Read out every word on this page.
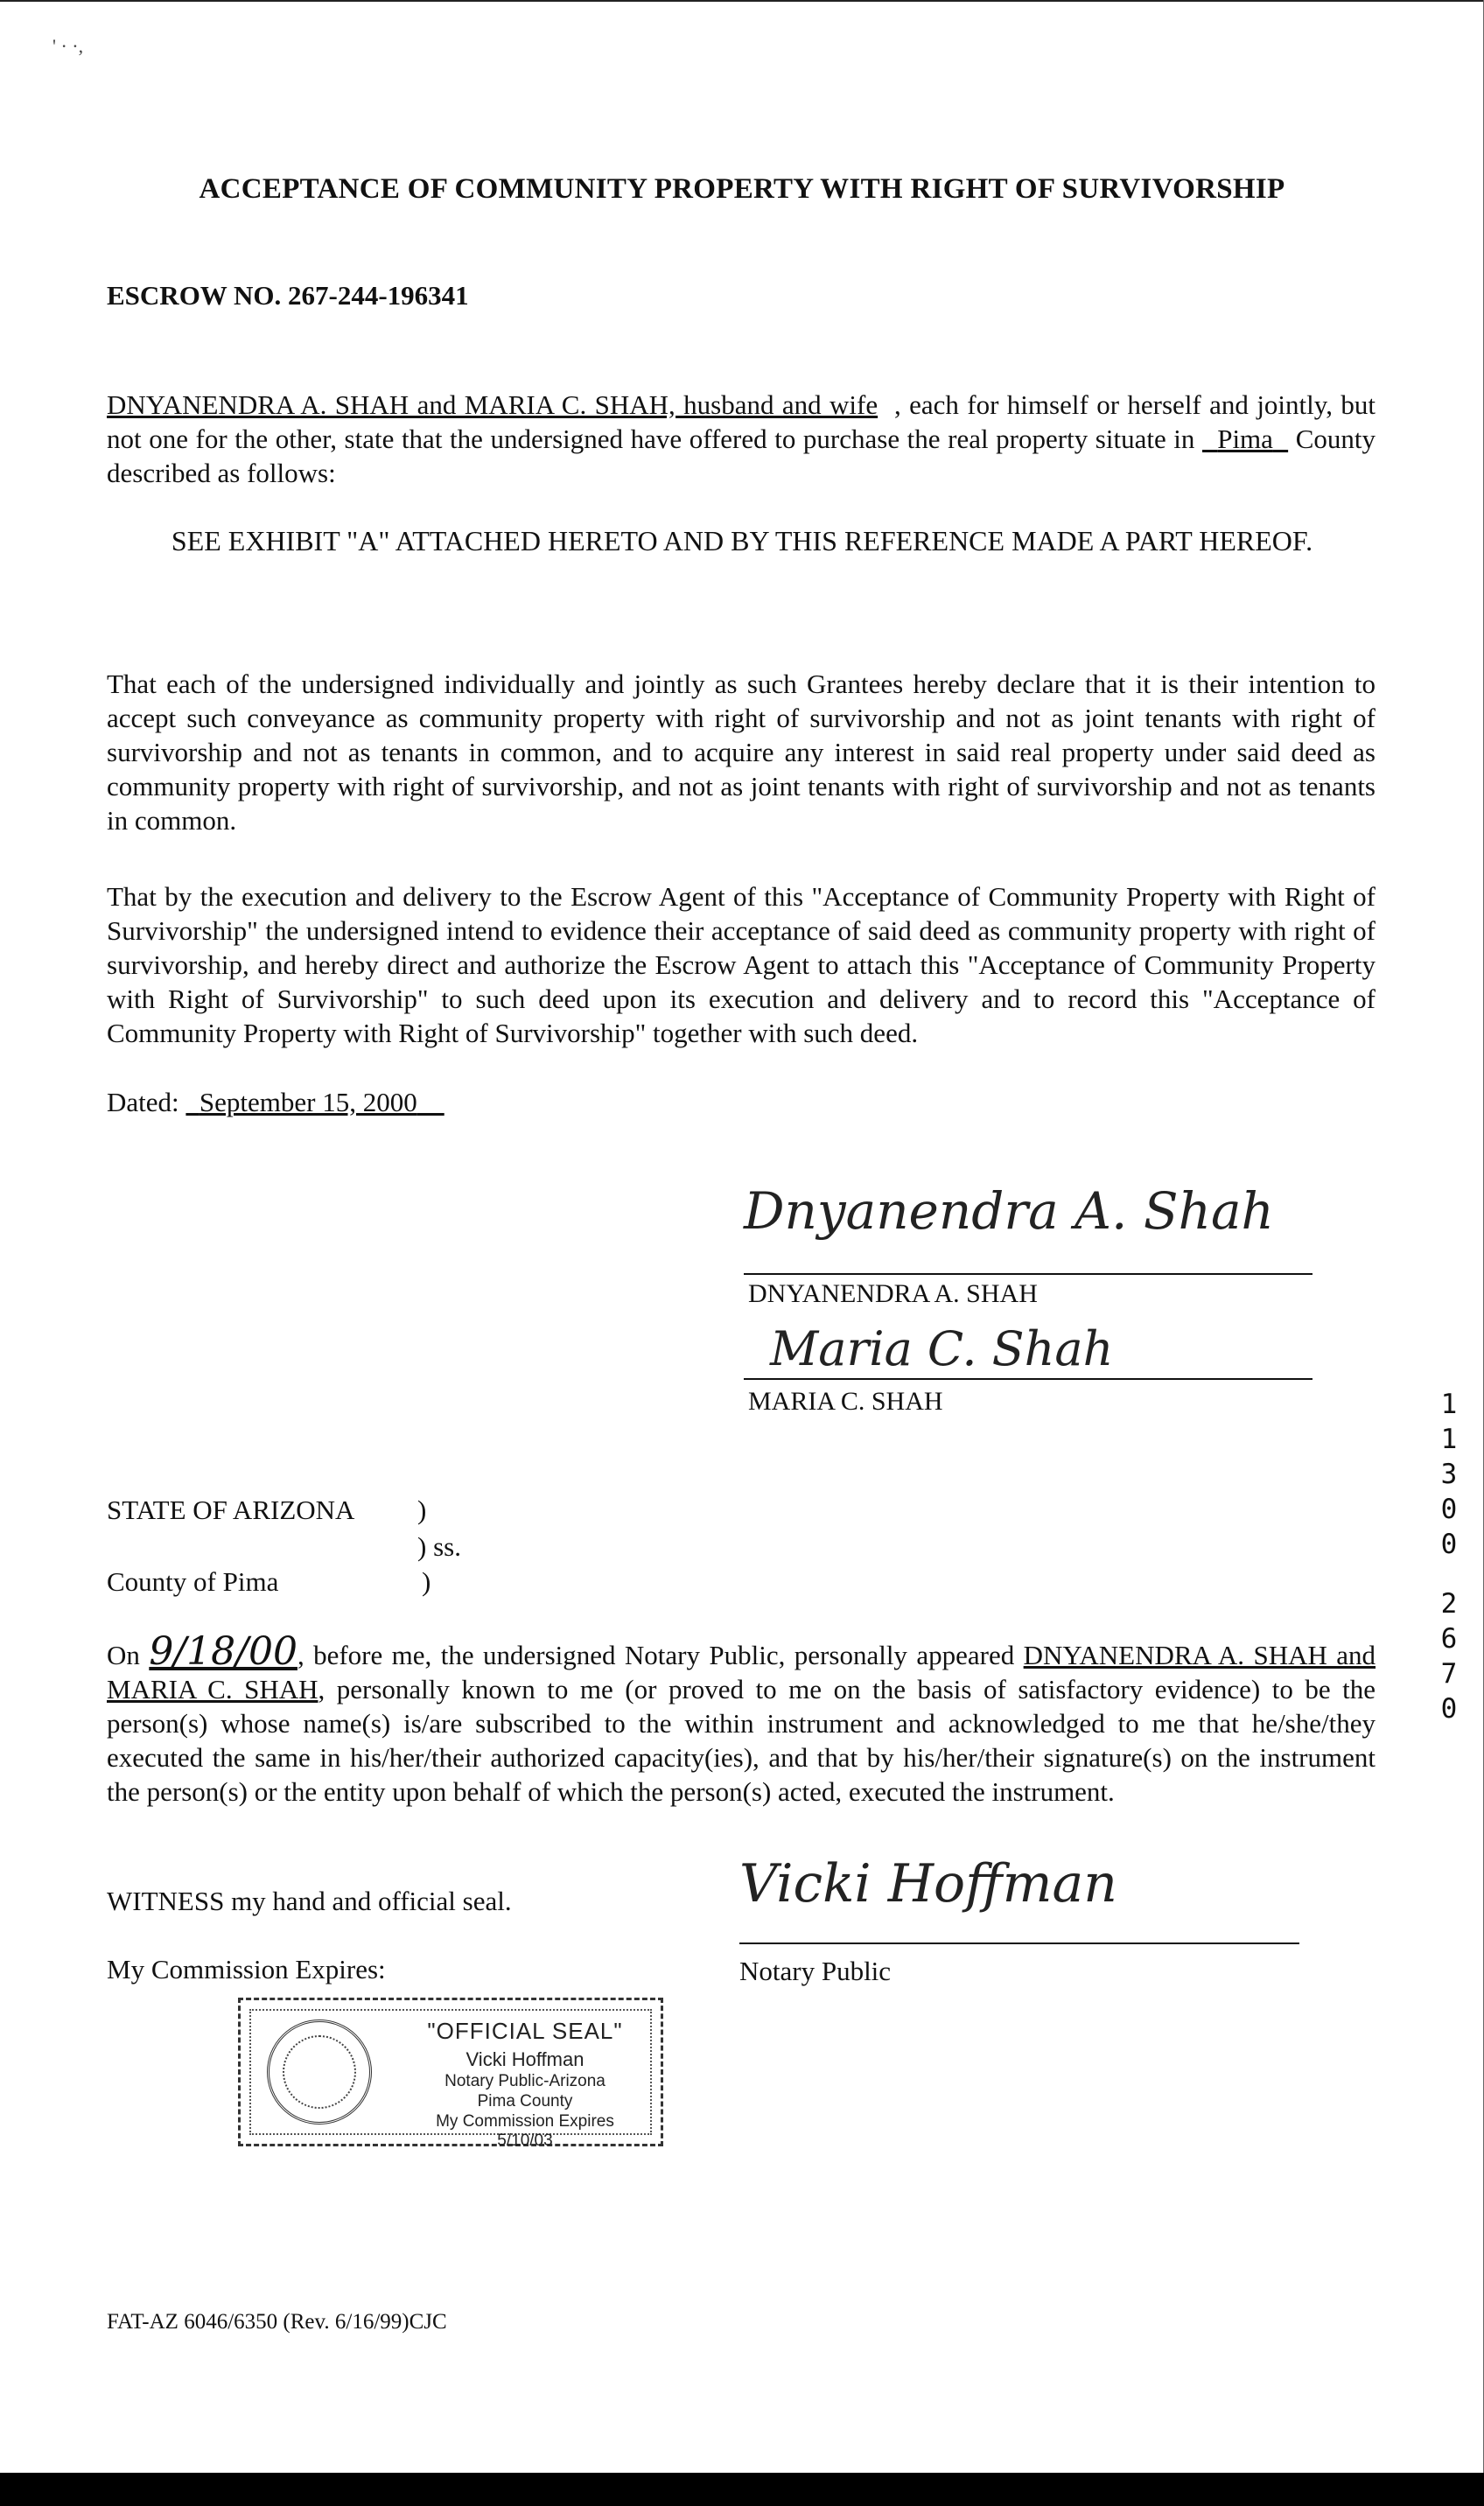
' · ·,
ACCEPTANCE OF COMMUNITY PROPERTY WITH RIGHT OF SURVIVORSHIP
ESCROW NO. 267-244-196341
DNYANENDRA A. SHAH and MARIA C. SHAH, husband and wife , each for himself or herself and jointly, but not one for the other, state that the undersigned have offered to purchase the real property situate in Pima County described as follows:
SEE EXHIBIT "A" ATTACHED HERETO AND BY THIS REFERENCE MADE A PART HEREOF.
That each of the undersigned individually and jointly as such Grantees hereby declare that it is their intention to accept such conveyance as community property with right of survivorship and not as joint tenants with right of survivorship and not as tenants in common, and to acquire any interest in said real property under said deed as community property with right of survivorship, and not as joint tenants with right of survivorship and not as tenants in common.
That by the execution and delivery to the Escrow Agent of this "Acceptance of Community Property with Right of Survivorship" the undersigned intend to evidence their acceptance of said deed as community property with right of survivorship, and hereby direct and authorize the Escrow Agent to attach this "Acceptance of Community Property with Right of Survivorship" to such deed upon its execution and delivery and to record this "Acceptance of Community Property with Right of Survivorship" together with such deed.
Dated: September 15, 2000
Dnyanendra A. Shah
DNYANENDRA A. SHAH
Maria C. Shah
MARIA C. SHAH
STATE OF ARIZONA )
) ss.
County of Pima	)
On 9/18/00, before me, the undersigned Notary Public, personally appeared DNYANENDRA A. SHAH and MARIA C. SHAH, personally known to me (or proved to me on the basis of satisfactory evidence) to be the person(s) whose name(s) is/are subscribed to the within instrument and acknowledged to me that he/she/they executed the same in his/her/their authorized capacity(ies), and that by his/her/their signature(s) on the instrument the person(s) or the entity upon behalf of which the person(s) acted, executed the instrument.
WITNESS my hand and official seal.	Vicki Hoffman
Notary Public
My Commission Expires:
"OFFICIAL SEAL"
Vicki Hoffman
Notary Public-Arizona
Pima County
My Commission Expires 5/10/03
1
1
3
0
0
2
6
7
0
FAT-AZ 6046/6350 (Rev. 6/16/99)CJC
